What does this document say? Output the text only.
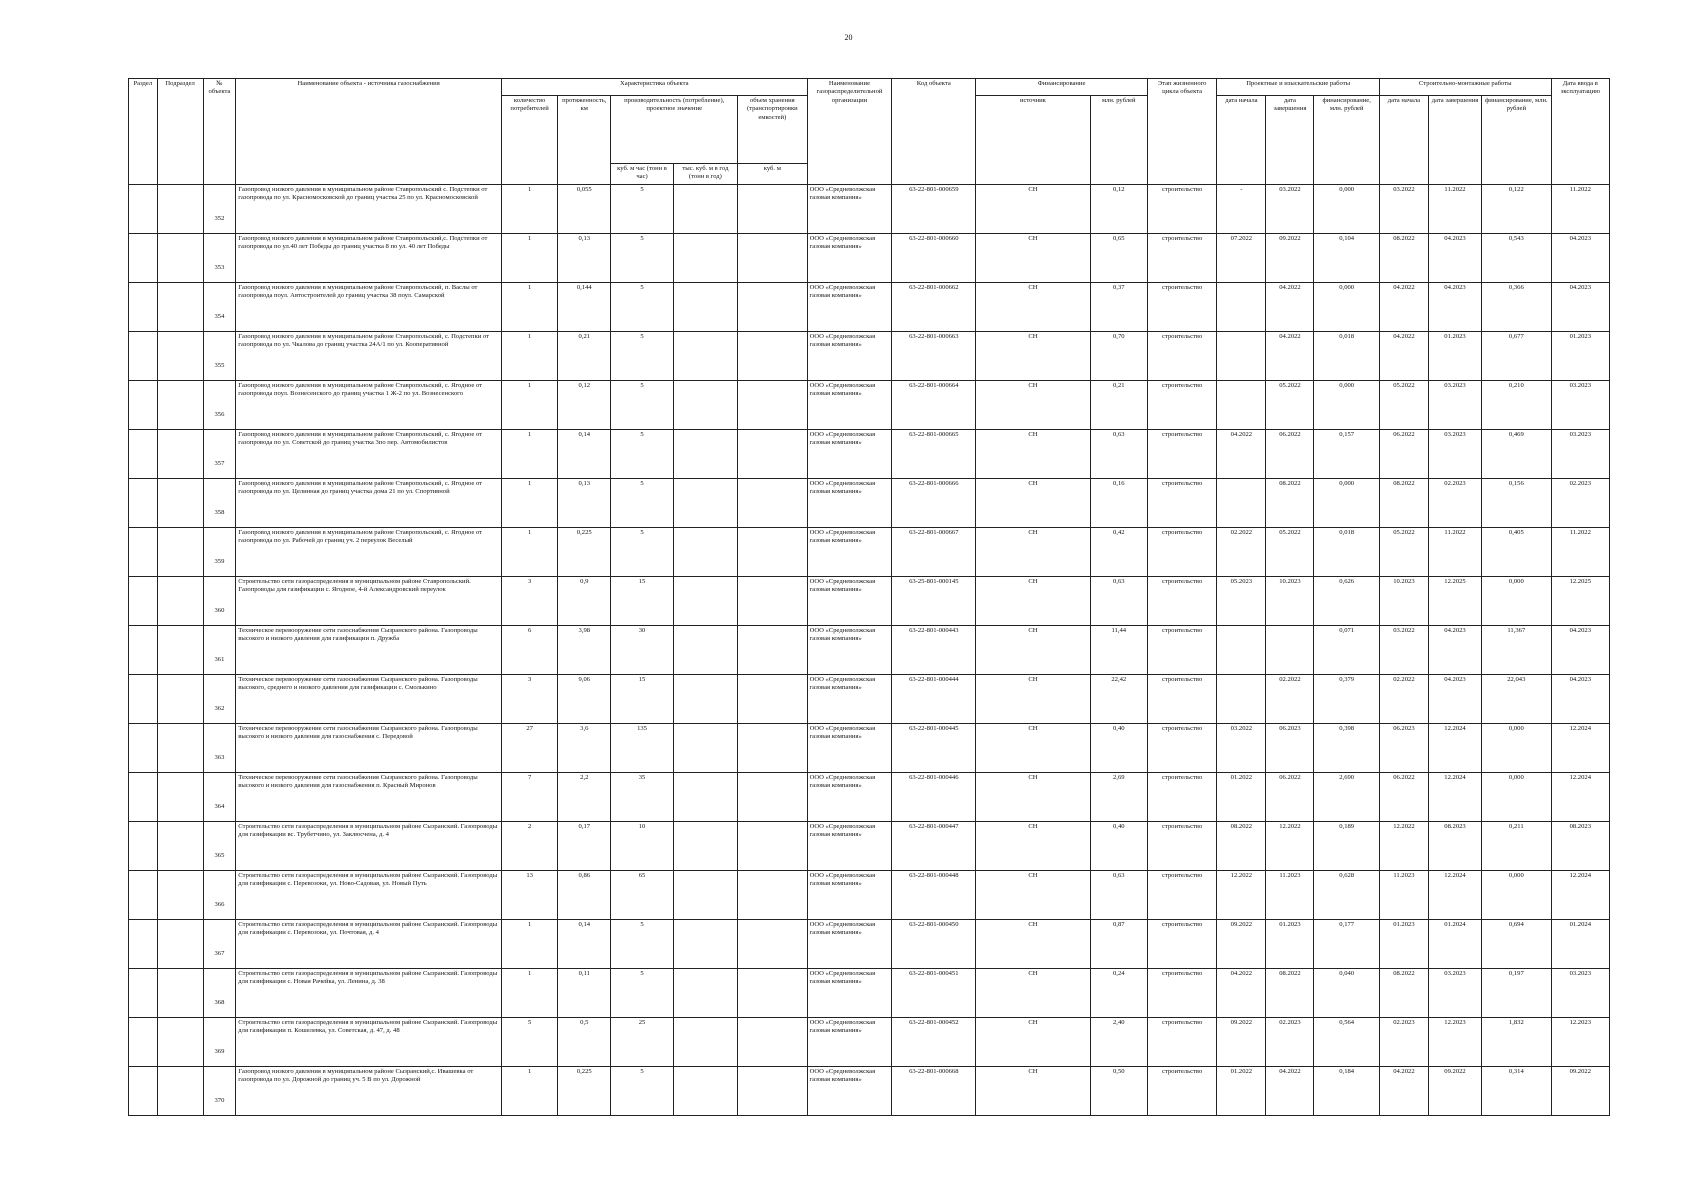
20
Раздел	Подраздел	№ объекта	Наименование объекта - источника газоснабжения	Характеристика объекта					Наименование газораспределительной организации	Код объекта	Финансирование		Этап жизненного цикла объекта	Проектные и изыскательские работы			Строительно-монтажные работы			Дата ввода в эксплуатацию
				количество потребителей	протяженность, км	производительность (потребление), проектное значение		объем хранения (транспортировки емкостей)			источник	млн. рублей		дата начала	дата завершения	финансирование, млн. рублей	дата начала	дата завершения	финансирование, млн. рублей	
						куб. м час (тонн в час)	тыс. куб. м в год (тонн в год)	куб. м												
		352	Газопровод низкого давления в муниципальном районе Ставропольский с. Подстепки от газопровода по ул. Красномосковской до границ участка 25 по ул. Красномосковской	1	0,055	5			ООО «Средневолжская газовая компания»	63-22-801-000659	СН	0,12	строительство	-	03.2022	0,000	03.2022	11.2022	0,122	11.2022
		353	Газопровод низкого давления в муниципальном районе Ставропольский,с. Подстепки от газопровода по ул.40 лет Победы до границ участка 8 по ул. 40 лет Победы	1	0,13	5			ООО «Средневолжская газовая компания»	63-22-801-000660	СН	0,65	строительство	07.2022	09.2022	0,104	08.2022	04.2023	0,543	04.2023
		354	Газопровод низкого давления в муниципальном районе Ставропольский, п. Васлы от газопровода поул. Автостроителей до границ участка 38 поул. Самарской	1	0,144	5			ООО «Средневолжская газовая компания»	63-22-801-000662	СН	0,37	строительство		04.2022	0,000	04.2022	04.2023	0,366	04.2023
		355	Газопровод низкого давления в муниципальном районе Ставропольский, с. Подстепки от газопровода по ул. Чкалова до границ участка 24А/1 по ул. Кооперативной	1	0,21	5			ООО «Средневолжская газовая компания»	63-22-801-000663	СН	0,70	строительство		04.2022	0,018	04.2022	01.2023	0,677	01.2023
		356	Газопровод низкого давления в муниципальном районе Ставропольский, с. Ягодное от газопровода поул. Вознесенского до границ участка 1 Ж-2 по ул. Вознесенского	1	0,12	5			ООО «Средневолжская газовая компания»	63-22-801-000664	СН	0,21	строительство		05.2022	0,000	05.2022	03.2023	0,210	03.2023
		357	Газопровод низкого давления в муниципальном районе Ставропольский, с. Ягодное от газопровода по ул. Советской до границ участка 3по пер. Автомобилистов	1	0,14	5			ООО «Средневолжская газовая компания»	63-22-801-000665	СН	0,63	строительство	04.2022	06.2022	0,157	06.2022	03.2023	0,469	03.2023
		358	Газопровод низкого давления в муниципальном районе Ставропольский, с. Ягодное от газопровода по ул. Целинная до границ участка дома 21 по ул. Спортивной	1	0,13	5			ООО «Средневолжская газовая компания»	63-22-801-000666	СН	0,16	строительство		08.2022	0,000	08.2022	02.2023	0,156	02.2023
		359	Газопровод низкого давления в муниципальном районе Ставропольский, с. Ягодное от газопровода по ул. Рабочей до границ уч. 2 переулок Веселый	1	0,225	5			ООО «Средневолжская газовая компания»	63-22-801-000667	СН	0,42	строительство	02.2022	05.2022	0,018	05.2022	11.2022	0,405	11.2022
		360	Строительство сети газораспределения в муниципальном районе Ставропольский. Газопроводы для газификации с. Ягодное, 4-й Александровский переулок	3	0,9	15			ООО «Средневолжская газовая компания»	63-25-801-000145	СН	0,63	строительство	05.2023	10.2023	0,626	10.2023	12.2025	0,000	12.2025
		361	Техническое перевооружение сети газоснабжения Сызранского района. Газопроводы высокого и низкого давления для газификации п. Дружба	6	3,98	30			ООО «Средневолжская газовая компания»	63-22-801-000443	СН	11,44	строительство			0,071	03.2022	04.2023	11,367	04.2023
		362	Техническое перевооружение сети газоснабжения Сызранского района. Газопроводы высокого, среднего и низкого давления для газификации с. Смолькино	3	9,06	15			ООО «Средневолжская газовая компания»	63-22-801-000444	СН	22,42	строительство		02.2022	0,379	02.2022	04.2023	22,043	04.2023
		363	Техническое перевооружение сети газоснабжения Сызранского района. Газопроводы высокого и низкого давления для газоснабжения с. Передовой	27	3,6	135			ООО «Средневолжская газовая компания»	63-22-801-000445	СН	0,40	строительство	03.2022	06.2023	0,398	06.2023	12.2024	0,000	12.2024
		364	Техническое перевооружение сети газоснабжения Сызранского района. Газопроводы высокого и низкого давления для газоснабжения п. Красный Миронов	7	2,2	35			ООО «Средневолжская газовая компания»	63-22-801-000446	СН	2,69	строительство	01.2022	06.2022	2,690	06.2022	12.2024	0,000	12.2024
		365	Строительство сети газораспределения в муниципальном районе Сызранский. Газопроводы для газификации вс. Трубетчино, ул. Заклюсчена, д. 4	2	0,17	10			ООО «Средневолжская газовая компания»	63-22-801-000447	СН	0,40	строительство	08.2022	12.2022	0,189	12.2022	08.2023	0,211	08.2023
		366	Строительство сети газораспределения в муниципальном районе Сызранский. Газопроводы для газификации с. Перевозоки, ул. Ново-Садовая, ул. Новый Путь	13	0,86	65			ООО «Средневолжская газовая компания»	63-22-801-000448	СН	0,63	строительство	12.2022	11.2023	0,628	11.2023	12.2024	0,000	12.2024
		367	Строительство сети газораспределения в муниципальном районе Сызранский. Газопроводы для газификации с. Перевозоки, ул. Почтовая, д. 4	1	0,14	5			ООО «Средневолжская газовая компания»	63-22-801-000450	СН	0,87	строительство	09.2022	01.2023	0,177	01.2023	01.2024	0,694	01.2024
		368	Строительство сети газораспределения в муниципальном районе Сызранский. Газопроводы для газификации с. Новая Рачейка, ул. Ленина, д. 38	1	0,11	5			ООО «Средневолжская газовая компания»	63-22-801-000451	СН	0,24	строительство	04.2022	08.2022	0,040	08.2022	03.2023	0,197	03.2023
		369	Строительство сети газораспределения в муниципальном районе Сызранский. Газопроводы для газификации п. Кошелевка, ул. Советская, д. 47, д. 48	5	0,5	25			ООО «Средневолжская газовая компания»	63-22-801-000452	СН	2,40	строительство	09.2022	02.2023	0,564	02.2023	12.2023	1,832	12.2023
		370	Газопровод низкого давления в муниципальном районе Сызранский,с. Ивашевка от газопровода по ул. Дорожной до границ уч. 5 В по ул. Дорожной	1	0,225	5			ООО «Средневолжская газовая компания»	63-22-801-000668	СН	0,50	строительство	01.2022	04.2022	0,184	04.2022	09.2022	0,314	09.2022
